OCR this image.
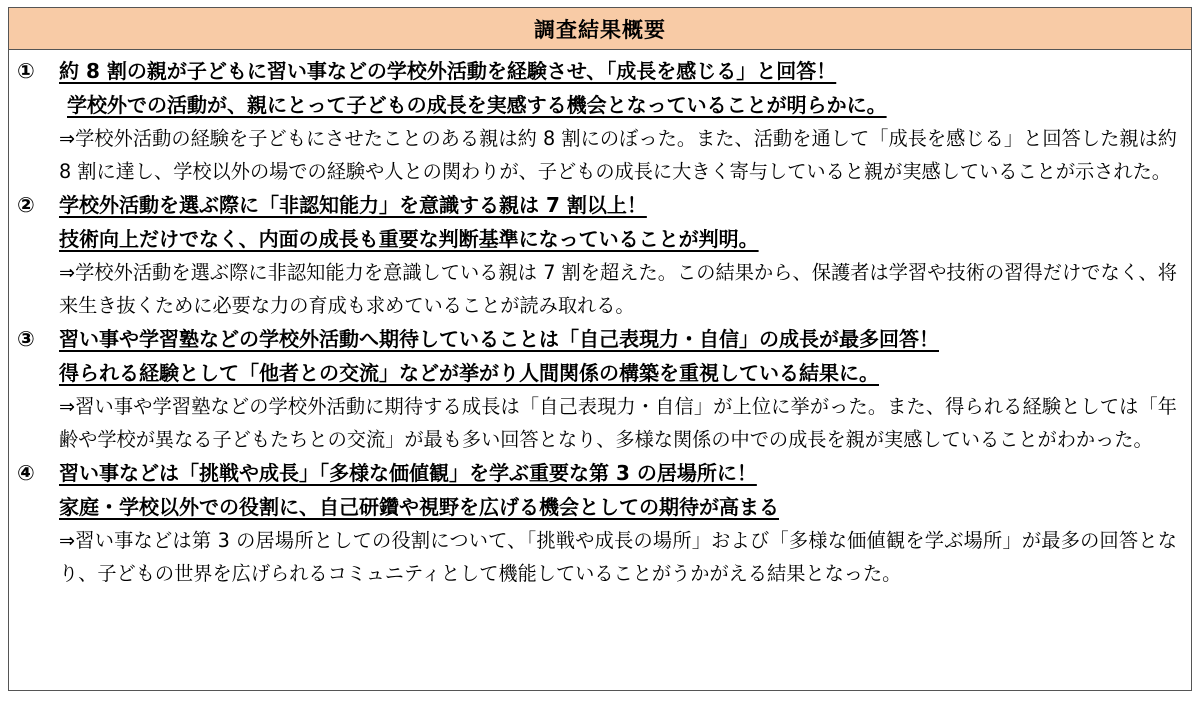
調査結果概要
①	約 8 割の親が子どもに習い事などの学校外活動を経験させ、「成長を感じる」と回答！
学校外での活動が、親にとって子どもの成長を実感する機会となっていることが明らかに。
⇒学校外活動の経験を子どもにさせたことのある親は約 8 割にのぼった。また、活動を通して「成長を感じる」と回答した親は約 8 割に達し、学校以外の場での経験や人との関わりが、子どもの成長に大きく寄与していると親が実感していることが示された。
②	学校外活動を選ぶ際に「非認知能力」を意識する親は 7 割以上！
技術向上だけでなく、内面の成長も重要な判断基準になっていることが判明。
⇒学校外活動を選ぶ際に非認知能力を意識している親は 7 割を超えた。この結果から、保護者は学習や技術の習得だけでなく、将来生き抜くために必要な力の育成も求めていることが読み取れる。
③	習い事や学習塾などの学校外活動へ期待していることは「自己表現力・自信」の成長が最多回答！
得られる経験として「他者との交流」などが挙がり人間関係の構築を重視している結果に。
⇒習い事や学習塾などの学校外活動に期待する成長は「自己表現力・自信」が上位に挙がった。また、得られる経験としては「年齢や学校が異なる子どもたちとの交流」が最も多い回答となり、多様な関係の中での成長を親が実感していることがわかった。
④	習い事などは「挑戦や成長」「多様な価値観」を学ぶ重要な第 3 の居場所に！
家庭・学校以外での役割に、自己研鑽や視野を広げる機会としての期待が高まる
⇒習い事などは第 3 の居場所としての役割について、「挑戦や成長の場所」および「多様な価値観を学ぶ場所」が最多の回答となり、子どもの世界を広げられるコミュニティとして機能していることがうかがえる結果となった。
